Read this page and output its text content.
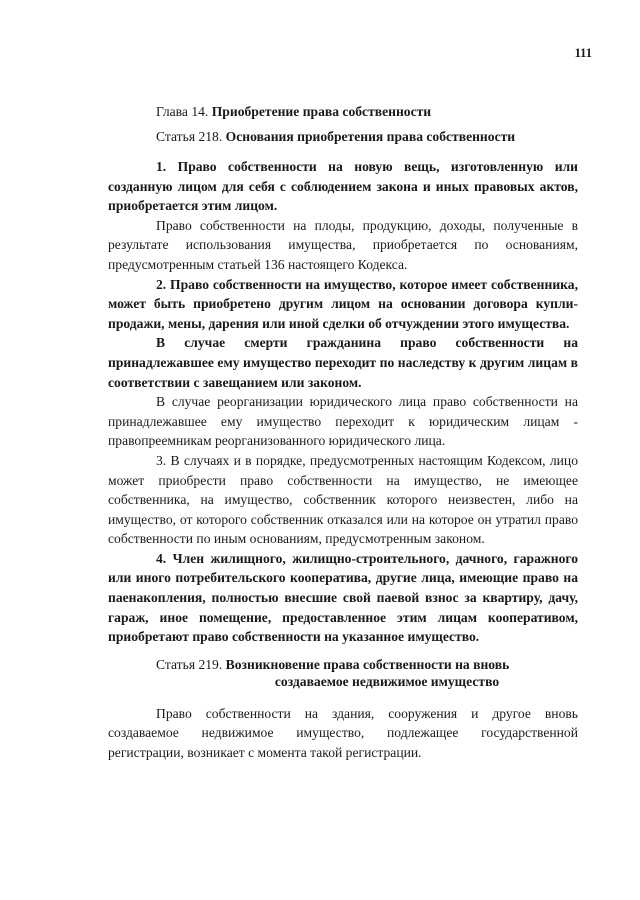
111
Глава 14. Приобретение права собственности
Статья 218. Основания приобретения права собственности

1. Право собственности на новую вещь, изготовленную или созданную лицом для себя с соблюдением закона и иных правовых актов, приобретается этим лицом.

Право собственности на плоды, продукцию, доходы, полученные в результате использования имущества, приобретается по основаниям, предусмотренным статьей 136 настоящего Кодекса.

2. Право собственности на имущество, которое имеет собственника, может быть приобретено другим лицом на основании договора купли-продажи, мены, дарения или иной сделки об отчуждении этого имущества.

В случае смерти гражданина право собственности на принадлежавшее ему имущество переходит по наследству к другим лицам в соответствии с завещанием или законом.

В случае реорганизации юридического лица право собственности на принадлежавшее ему имущество переходит к юридическим лицам - правопреемникам реорганизованного юридического лица.

3. В случаях и в порядке, предусмотренных настоящим Кодексом, лицо может приобрести право собственности на имущество, не имеющее собственника, на имущество, собственник которого неизвестен, либо на имущество, от которого собственник отказался или на которое он утратил право собственности по иным основаниям, предусмотренным законом.

4. Член жилищного, жилищно-строительного, дачного, гаражного или иного потребительского кооператива, другие лица, имеющие право на паенакопления, полностью внесшие свой паевой взнос за квартиру, дачу, гараж, иное помещение, предоставленное этим лицам кооперативом, приобретают право собственности на указанное имущество.

Статья 219. Возникновение права собственности на вновь
создаваемое недвижимое имущество

Право собственности на здания, сооружения и другое вновь создаваемое недвижимое имущество, подлежащее государственной регистрации, возникает с момента такой регистрации.
